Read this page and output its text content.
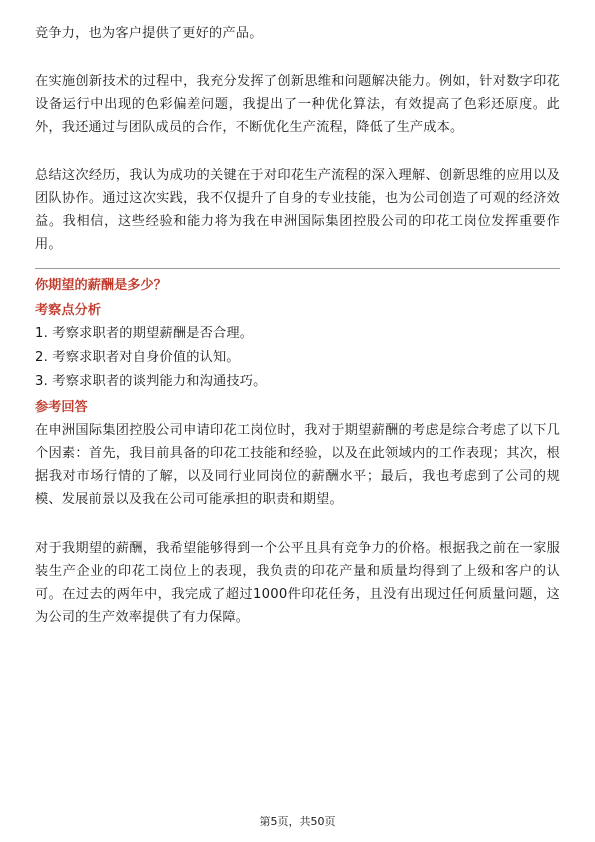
竞争力，也为客户提供了更好的产品。

在实施创新技术的过程中，我充分发挥了创新思维和问题解决能力。例如，针对数字印花设备运行中出现的色彩偏差问题，我提出了一种优化算法，有效提高了色彩还原度。此外，我还通过与团队成员的合作，不断优化生产流程，降低了生产成本。

总结这次经历，我认为成功的关键在于对印花生产流程的深入理解、创新思维的应用以及团队协作。通过这次实践，我不仅提升了自身的专业技能，也为公司创造了可观的经济效益。我相信，这些经验和能力将为我在申洲国际集团控股公司的印花工岗位发挥重要作用。

你期望的薪酬是多少？

考察点分析

1. 考察求职者的期望薪酬是否合理。

2. 考察求职者对自身价值的认知。

3. 考察求职者的谈判能力和沟通技巧。

参考回答

在申洲国际集团控股公司申请印花工岗位时，我对于期望薪酬的考虑是综合考虑了以下几个因素：首先，我目前具备的印花工技能和经验，以及在此领域内的工作表现；其次，根据我对市场行情的了解，以及同行业同岗位的薪酬水平；最后，我也考虑到了公司的规模、发展前景以及我在公司可能承担的职责和期望。

对于我期望的薪酬，我希望能够得到一个公平且具有竞争力的价格。根据我之前在一家服装生产企业的印花工岗位上的表现，我负责的印花产量和质量均得到了上级和客户的认可。在过去的两年中，我完成了超过1000件印花任务，且没有出现过任何质量问题，这为公司的生产效率提供了有力保障。

第5页，共50页
